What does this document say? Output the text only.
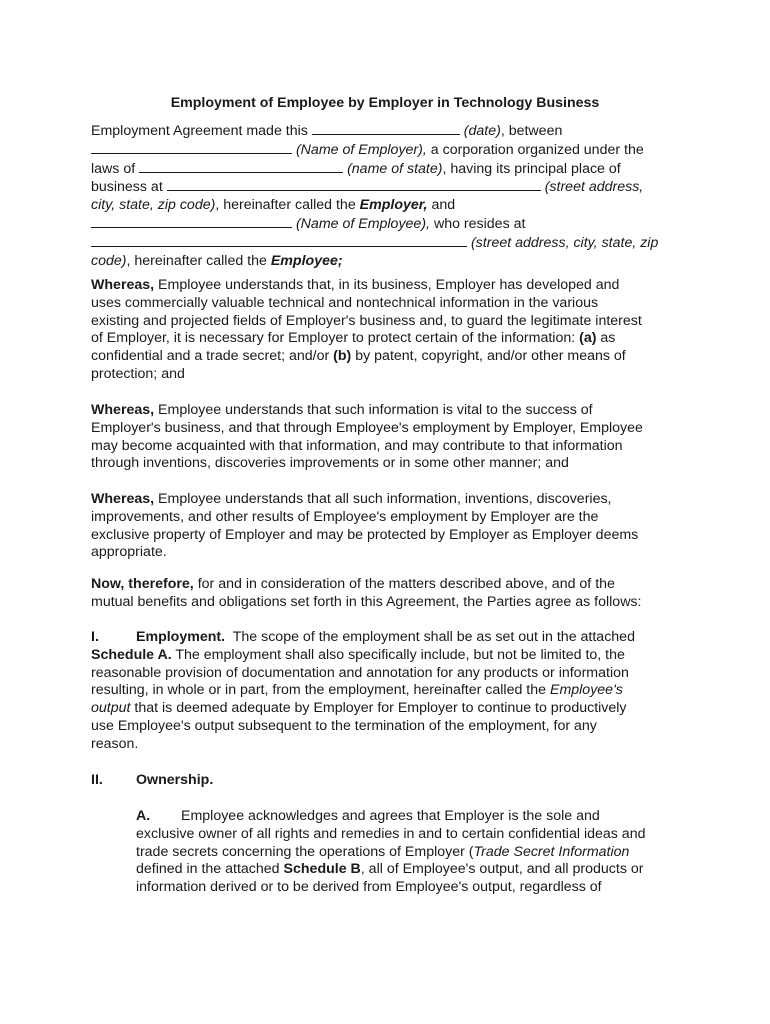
Employment of Employee by Employer in Technology Business
Employment Agreement made this	(date), between
(Name of Employer), a corporation organized under the
laws of	(name of state), having its principal place of
business at	(street address,
city, state, zip code), hereinafter called the Employer, and
(Name of Employee), who resides at
(street address, city, state, zip
code), hereinafter called the Employee;
Whereas, Employee understands that, in its business, Employer has developed and
uses commercially valuable technical and nontechnical information in the various
existing and projected fields of Employer's business and, to guard the legitimate interest
of Employer, it is necessary for Employer to protect certain of the information: (a) as
confidential and a trade secret; and/or (b) by patent, copyright, and/or other means of
protection; and
Whereas, Employee understands that such information is vital to the success of
Employer's business, and that through Employee's employment by Employer, Employee
may become acquainted with that information, and may contribute to that information
through inventions, discoveries improvements or in some other manner; and
Whereas, Employee understands that all such information, inventions, discoveries,
improvements, and other results of Employee's employment by Employer are the
exclusive property of Employer and may be protected by Employer as Employer deems
appropriate.
Now, therefore, for and in consideration of the matters described above, and of the
mutual benefits and obligations set forth in this Agreement, the Parties agree as follows:
I.	Employment. The scope of the employment shall be as set out in the attached
Schedule A. The employment shall also specifically include, but not be limited to, the
reasonable provision of documentation and annotation for any products or information
resulting, in whole or in part, from the employment, hereinafter called the Employee's
output that is deemed adequate by Employer for Employer to continue to productively
use Employee's output subsequent to the termination of the employment, for any
reason.
II. Ownership.
A. Employee acknowledges and agrees that Employer is the sole and
exclusive owner of all rights and remedies in and to certain confidential ideas and
trade secrets concerning the operations of Employer (Trade Secret Information
defined in the attached Schedule B, all of Employee's output, and all products or
information derived or to be derived from Employee's output, regardless of
